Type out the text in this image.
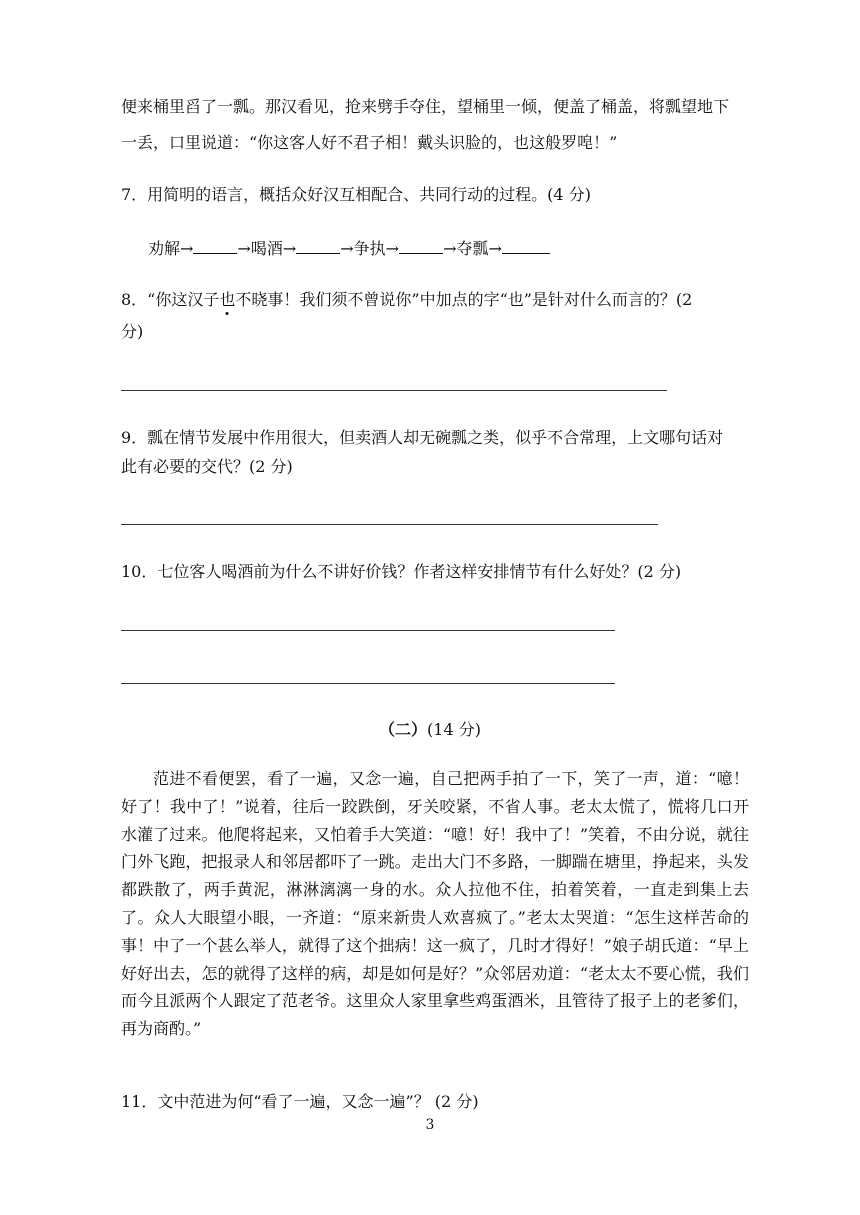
便来桶里舀了一瓢。那汉看见，抢来劈手夺住，望桶里一倾，便盖了桶盖，将瓢望地下
一丢，口里说道：“你这客人好不君子相！戴头识脸的，也这般罗唣！”
7．用简明的语言，概括众好汉互相配合、共同行动的过程。(4 分)
劝解→	→喝酒→	→争执→	→夺瓢→
8．“你这汉子也不晓事！我们须不曾说你”中加点的字“也”是针对什么而言的？(2
分)
9．瓢在情节发展中作用很大，但卖酒人却无碗瓢之类，似乎不合常理，上文哪句话对
此有必要的交代？(2 分)
10．七位客人喝酒前为什么不讲好价钱？作者这样安排情节有什么好处？(2 分)
（二）(14 分)

范进不看便罢，看了一遍，又念一遍，自己把两手拍了一下，笑了一声，道：“噫！好了！我中了！”说着，往后一跤跌倒，牙关咬紧，不省人事。老太太慌了，慌将几口开水灌了过来。他爬将起来，又怕着手大笑道：“噫！好！我中了！”笑着，不由分说，就往门外飞跑，把报录人和邻居都吓了一跳。走出大门不多路，一脚踹在塘里，挣起来，头发都跌散了，两手黄泥，淋淋漓漓一身的水。众人拉他不住，拍着笑着，一直走到集上去了。众人大眼望小眼，一齐道：“原来新贵人欢喜疯了。”老太太哭道：“怎生这样苦命的事！中了一个甚么举人，就得了这个拙病！这一疯了，几时才得好！”娘子胡氏道：“早上好好出去，怎的就得了这样的病，却是如何是好？”众邻居劝道：“老太太不要心慌，我们而今且派两个人跟定了范老爷。这里众人家里拿些鸡蛋酒米，且管待了报子上的老爹们，再为商酌。”

11．文中范进为何“看了一遍，又念一遍”？ (2 分)
3
